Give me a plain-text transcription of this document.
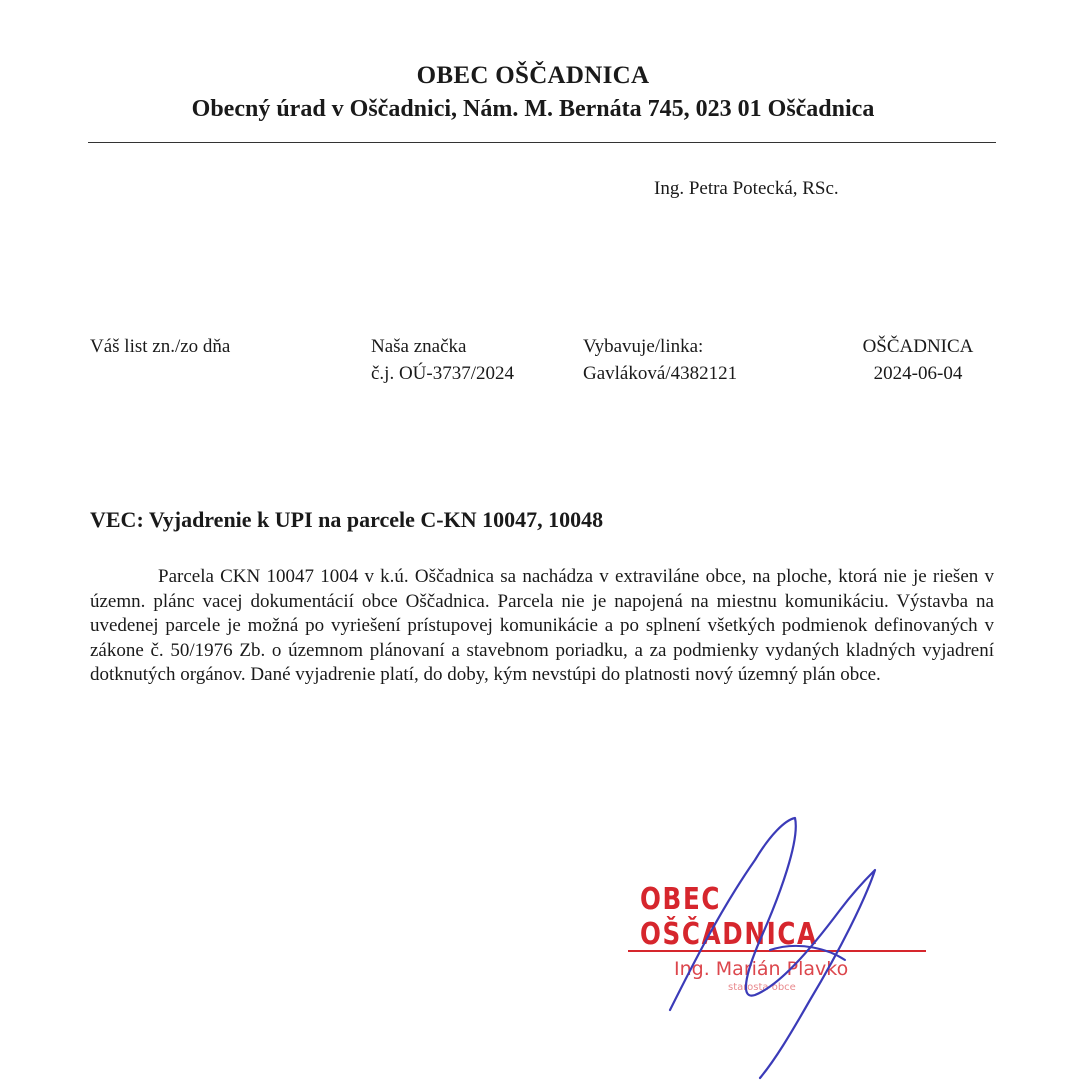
OBEC OŠČADNICA
Obecný úrad v Oščadnici, Nám. M. Bernáta 745, 023 01 Oščadnica
Ing. Petra Potecká, RSc.
Váš list zn./zo dňa	Naša značka
č.j. OÚ-3737/2024
Vybavuje/linka:
Gavláková/4382121
OŠČADNICA
2024-06-04
VEC: Vyjadrenie k UPI na parcele C-KN 10047, 10048
Parcela CKN 10047 1004 v k.ú. Oščadnica sa nachádza v extraviláne obce, na ploche, ktorá nie je riešen v územn. plánc vacej dokumentácií obce Oščadnica. Parcela nie je napojená na miestnu komunikáciu. Výstavba na uvedenej parcele je možná po vyriešení prístupovej komunikácie a po splnení všetkých podmienok definovaných v zákone č. 50/1976 Zb. o územnom plánovaní a stavebnom poriadku, a za podmienky vydaných kladných vyjadrení dotknutých orgánov. Dané vyjadrenie platí, do doby, kým nevstúpi do platnosti nový územný plán obce.
OBEC OŠČADNICA
Ing. Marián Plavko
starosta obce
